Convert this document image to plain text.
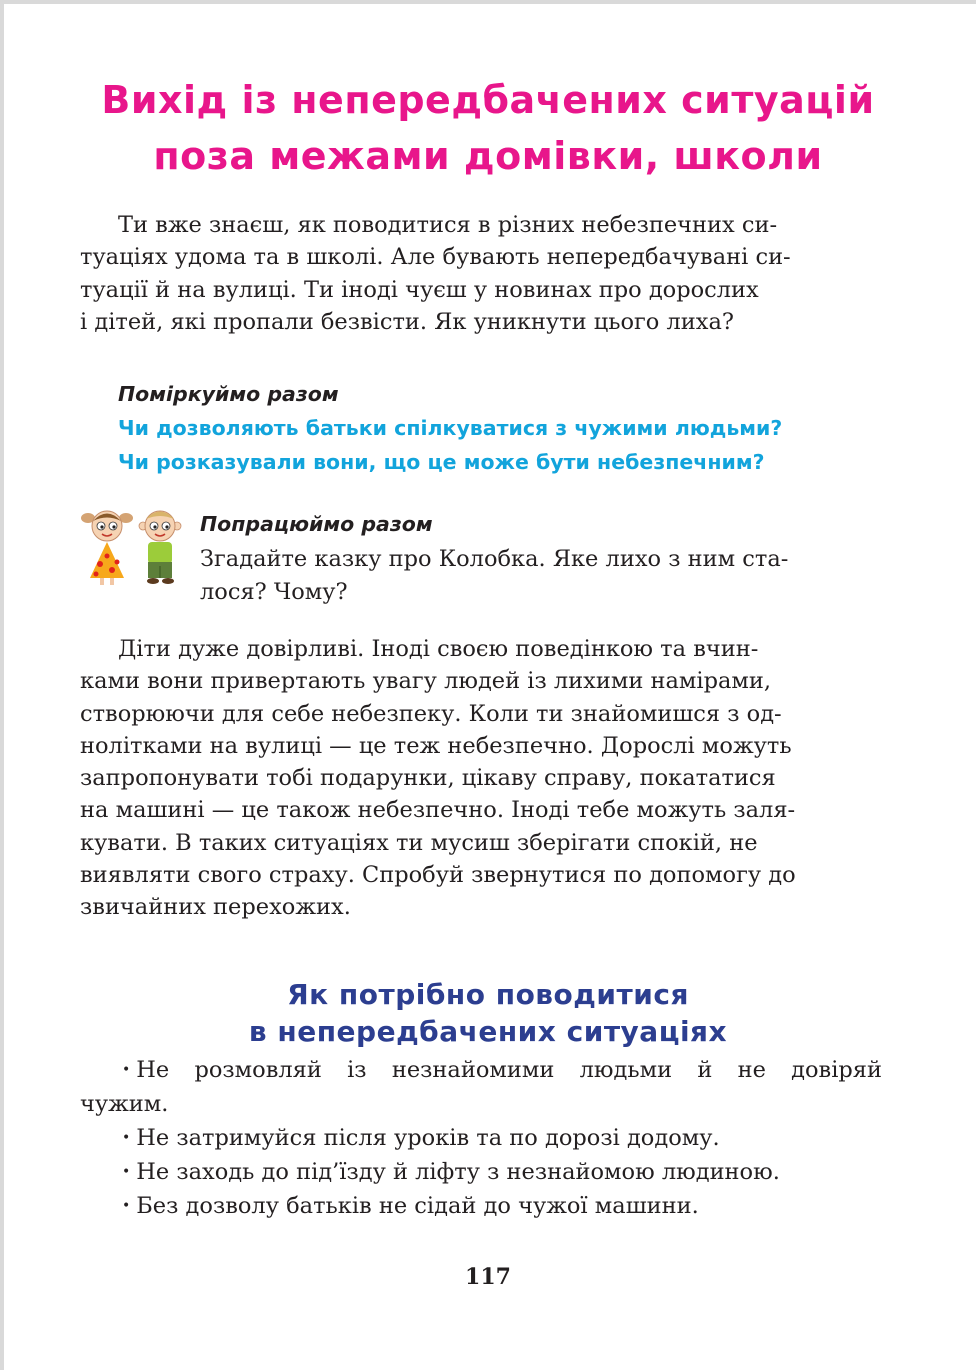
Вихід із непередбачених ситуацій
поза межами домівки, школи

Ти вже знаєш, як поводитися в різних небезпечних си-
туаціях удома та в школі. Але бувають непередбачувані си-
туації й на вулиці. Ти іноді чуєш у новинах про дорослих
і дітей, які пропали безвісти. Як уникнути цього лиха?

Поміркуймо разом

Чи дозволяють батьки спілкуватися з чужими людьми?

Чи розказували вони, що це може бути небезпечним?

Попрацюймо разом

Згадайте казку про Колобка. Яке лихо з ним ста-
лося? Чому?

Діти дуже довірливі. Іноді своєю поведінкою та вчин-
ками вони привертають увагу людей із лихими намірами,
створюючи для себе небезпеку. Коли ти знайомишся з од-
нолітками на вулиці — це теж небезпечно. Дорослі можуть
запропонувати тобі подарунки, цікаву справу, покататися
на машині — це також небезпечно. Іноді тебе можуть заля-
кувати. В таких ситуаціях ти мусиш зберігати спокій, не
виявляти свого страху. Спробуй звернутися по допомогу до
звичайних перехожих.

Як потрібно поводитися
в непередбачених ситуаціях
• Не розмовляй із незнайомими людьми й не довіряй
чужим.
• Не затримуйся після уроків та по дорозі додому.
• Не заходь до під’їзду й ліфту з незнайомою людиною.
• Без дозволу батьків не сідай до чужої машини.

117
